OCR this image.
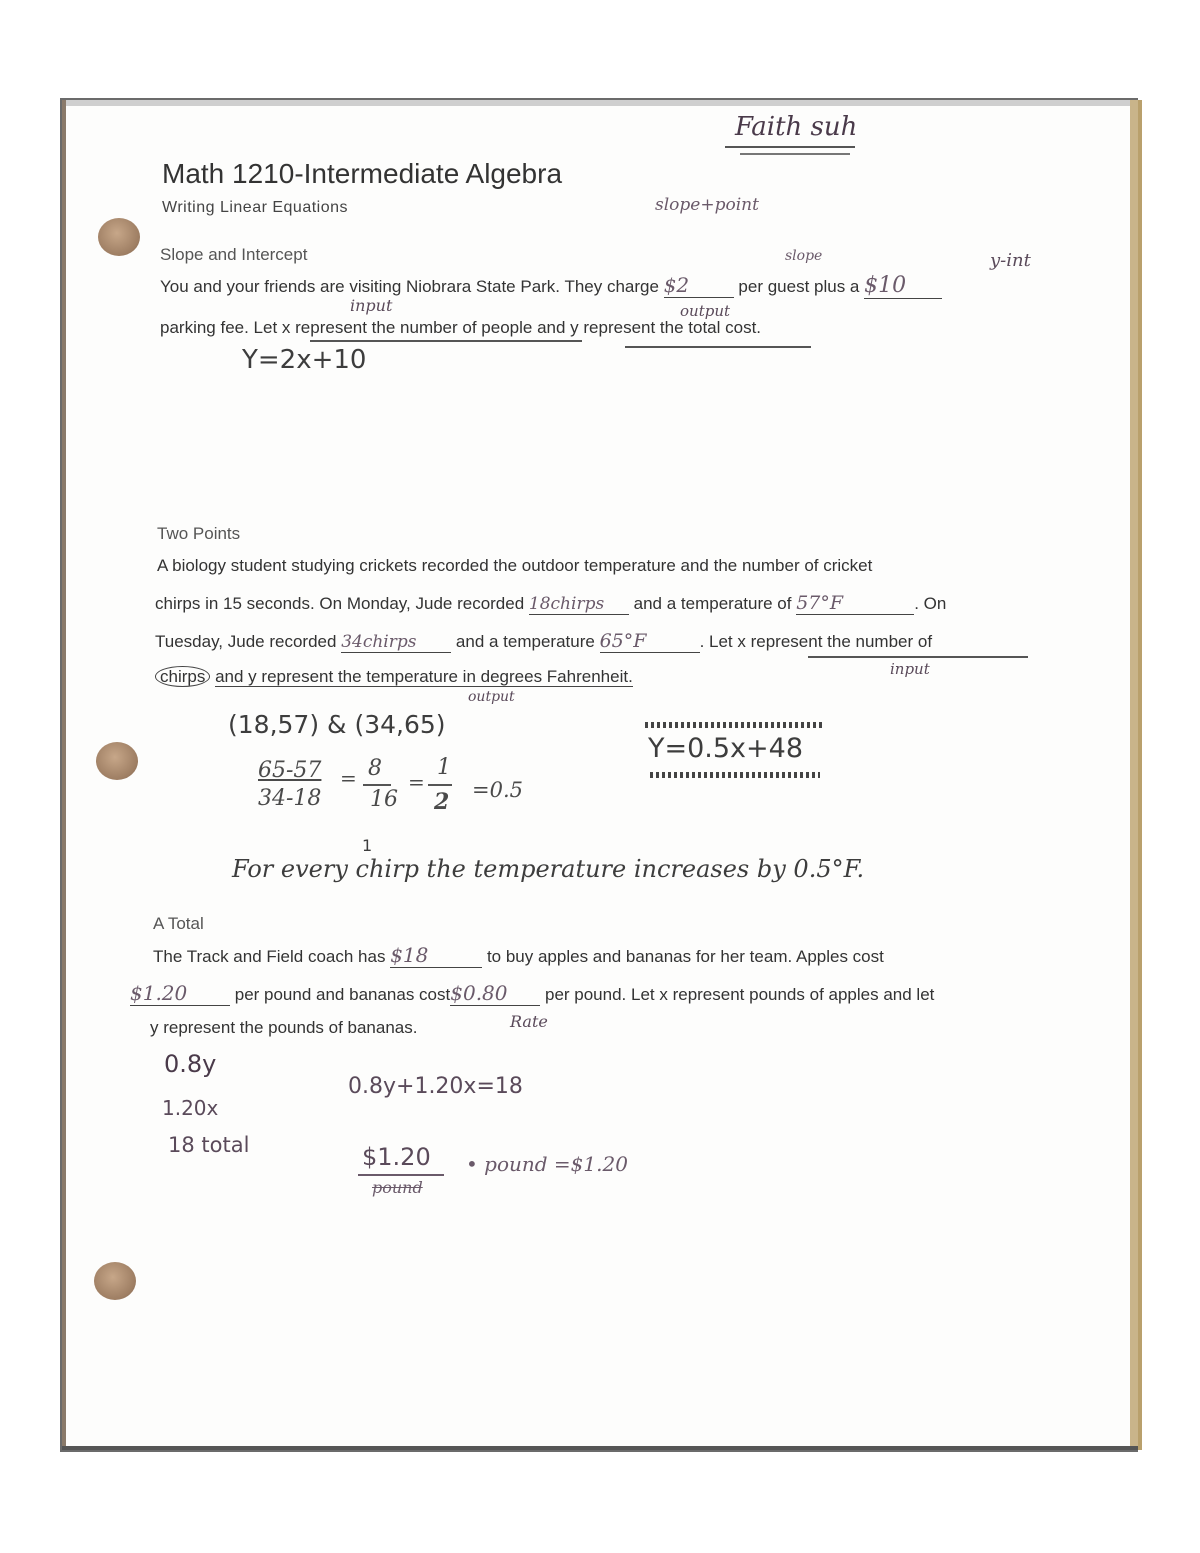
Faith suh
Math 1210-Intermediate Algebra
Writing Linear Equations	slope+point
Slope and Intercept	slope	y-int
You and your friends are visiting Niobrara State Park. They charge $2	per guest plus a $10
input	output
parking fee. Let x represent the number of people and y represent the total cost.
Y=2x+10
Two Points
A biology student studying crickets recorded the outdoor temperature and the number of cricket
chirps in 15 seconds. On Monday, Jude recorded 18chirps and a temperature of 57°F	. On
Tuesday, Jude recorded 34chirps and a temperature 65°F	. Let x represent the number of
input
chirps and y represent the temperature in degrees Fahrenheit.
output
(18,57) & (34,65)
65-57
34-18
= 8
16
=
1
2 =0.5
Y=0.5x+48
1
For every chirp the temperature increases by 0.5°F.
A Total
The Track and Field coach has $18	to buy apples and bananas for her team. Apples cost
$1.20	per pound and bananas cost$0.80 per pound. Let x represent pounds of apples and let
y represent the pounds of bananas.	Rate
0.8y
1.20x
18 total
0.8y+1.20x=18
$1.20
pound
• pound =$1.20
